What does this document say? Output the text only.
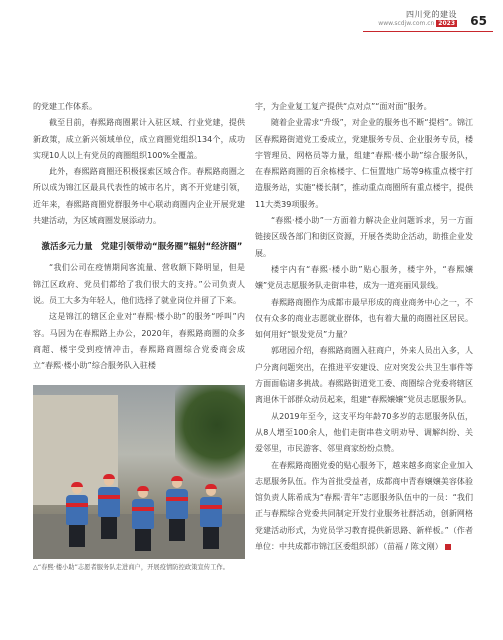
四川党的建设
www.scdjw.com.cn 2023 65

的党建工作体系。

截至目前，春熙路商圈累计入驻区域、行业党建，提供新政策，成立新兴领域单位，成立商圈党组织134个，成功实现10人以上有党员的商圈组织100%全覆盖。

此外，春熙路商圈还积极探索区域合作。春熙路商圈之所以成为锦江区最具代表性的城市名片，离不开党建引领，近年来，春熙路商圈党群服务中心联动商圈内企业开展党建共建活动，为区域商圈发展添动力。

激活多元力量　党建引领带动“服务圈”辐射“经济圈”

“我们公司在疫情期间客流量、营收额下降明显，但是锦江区政府、党员们都给了我们很大的支持。”公司负责人说。员工大多为年轻人，他们选择了就业岗位并留了下来。

这是锦江的辖区企业对“春熙·楼小助”的服务“呼叫”内容。马因为在春熙路上办公，2020年，春熙路商圈的众多商超、楼宇受到疫情冲击，春熙路商圈综合党委商会成立“春熙·楼小助”综合服务队入驻楼

△“春熙·楼小助”志愿者服务队走进商户，开展疫情防控政策宣传工作。

宇，为企业复工复产提供“点对点”“面对面”服务。

随着企业需求“升级”，对企业的服务也不断“提档”。锦江区春熙路街道党工委成立，党建服务专员、企业服务专员，楼宇管理员、网格员等力量，组建“春熙·楼小助”综合服务队，在春熙路商圈的百余栋楼宇、仁恒置地广场等9栋重点楼宇打造服务站，实施“楼长制”，推动重点商圈所有重点楼宇，提供11大类39项服务。

“春熙·楼小助”一方面着力解决企业问题诉求，另一方面链接区级各部门和街区资源，开展各类助企活动，助推企业发展。

楼宇内有“春熙·楼小助”贴心服务，楼宇外，“春熙嬢嬢”党员志愿服务队走街串巷，成为一道亮丽风景线。

春熙路商圈作为成都市最早形成的商业商务中心之一，不仅有众多的商业志愿就业群体，也有着大量的商圈社区居民。如何用好“银发党员”力量？

郭珺园介绍，春熙路商圈入驻商户，外来人员出入多，人户分离问题突出，在推进平安建设、应对突发公共卫生事件等方面面临诸多挑战。春熙路街道党工委、商圈综合党委将辖区离退休干部群众动员起来，组建“春熙嬢嬢”党员志愿服务队。

从2019年至今，这支平均年龄70多岁的志愿服务队伍，从8人增至100余人，他们走街串巷文明劝导、调解纠纷、关爱邻里，市民游客、邻里商家纷纷点赞。

在春熙路商圈党委的贴心服务下，越来越多商家企业加入志愿服务队伍。作为首批受益者，成都商中青春嬢嬢美容体验馆负责人陈希成为“春熙·青年”志愿服务队伍中的一员：“我们正与春熙综合党委共同制定开发行业服务社群活动，创新网格党建活动形式，为党员学习教育提供新思路、新样板。”（作者单位：中共成都市锦江区委组织部）（苗福 / 陈文刚）
